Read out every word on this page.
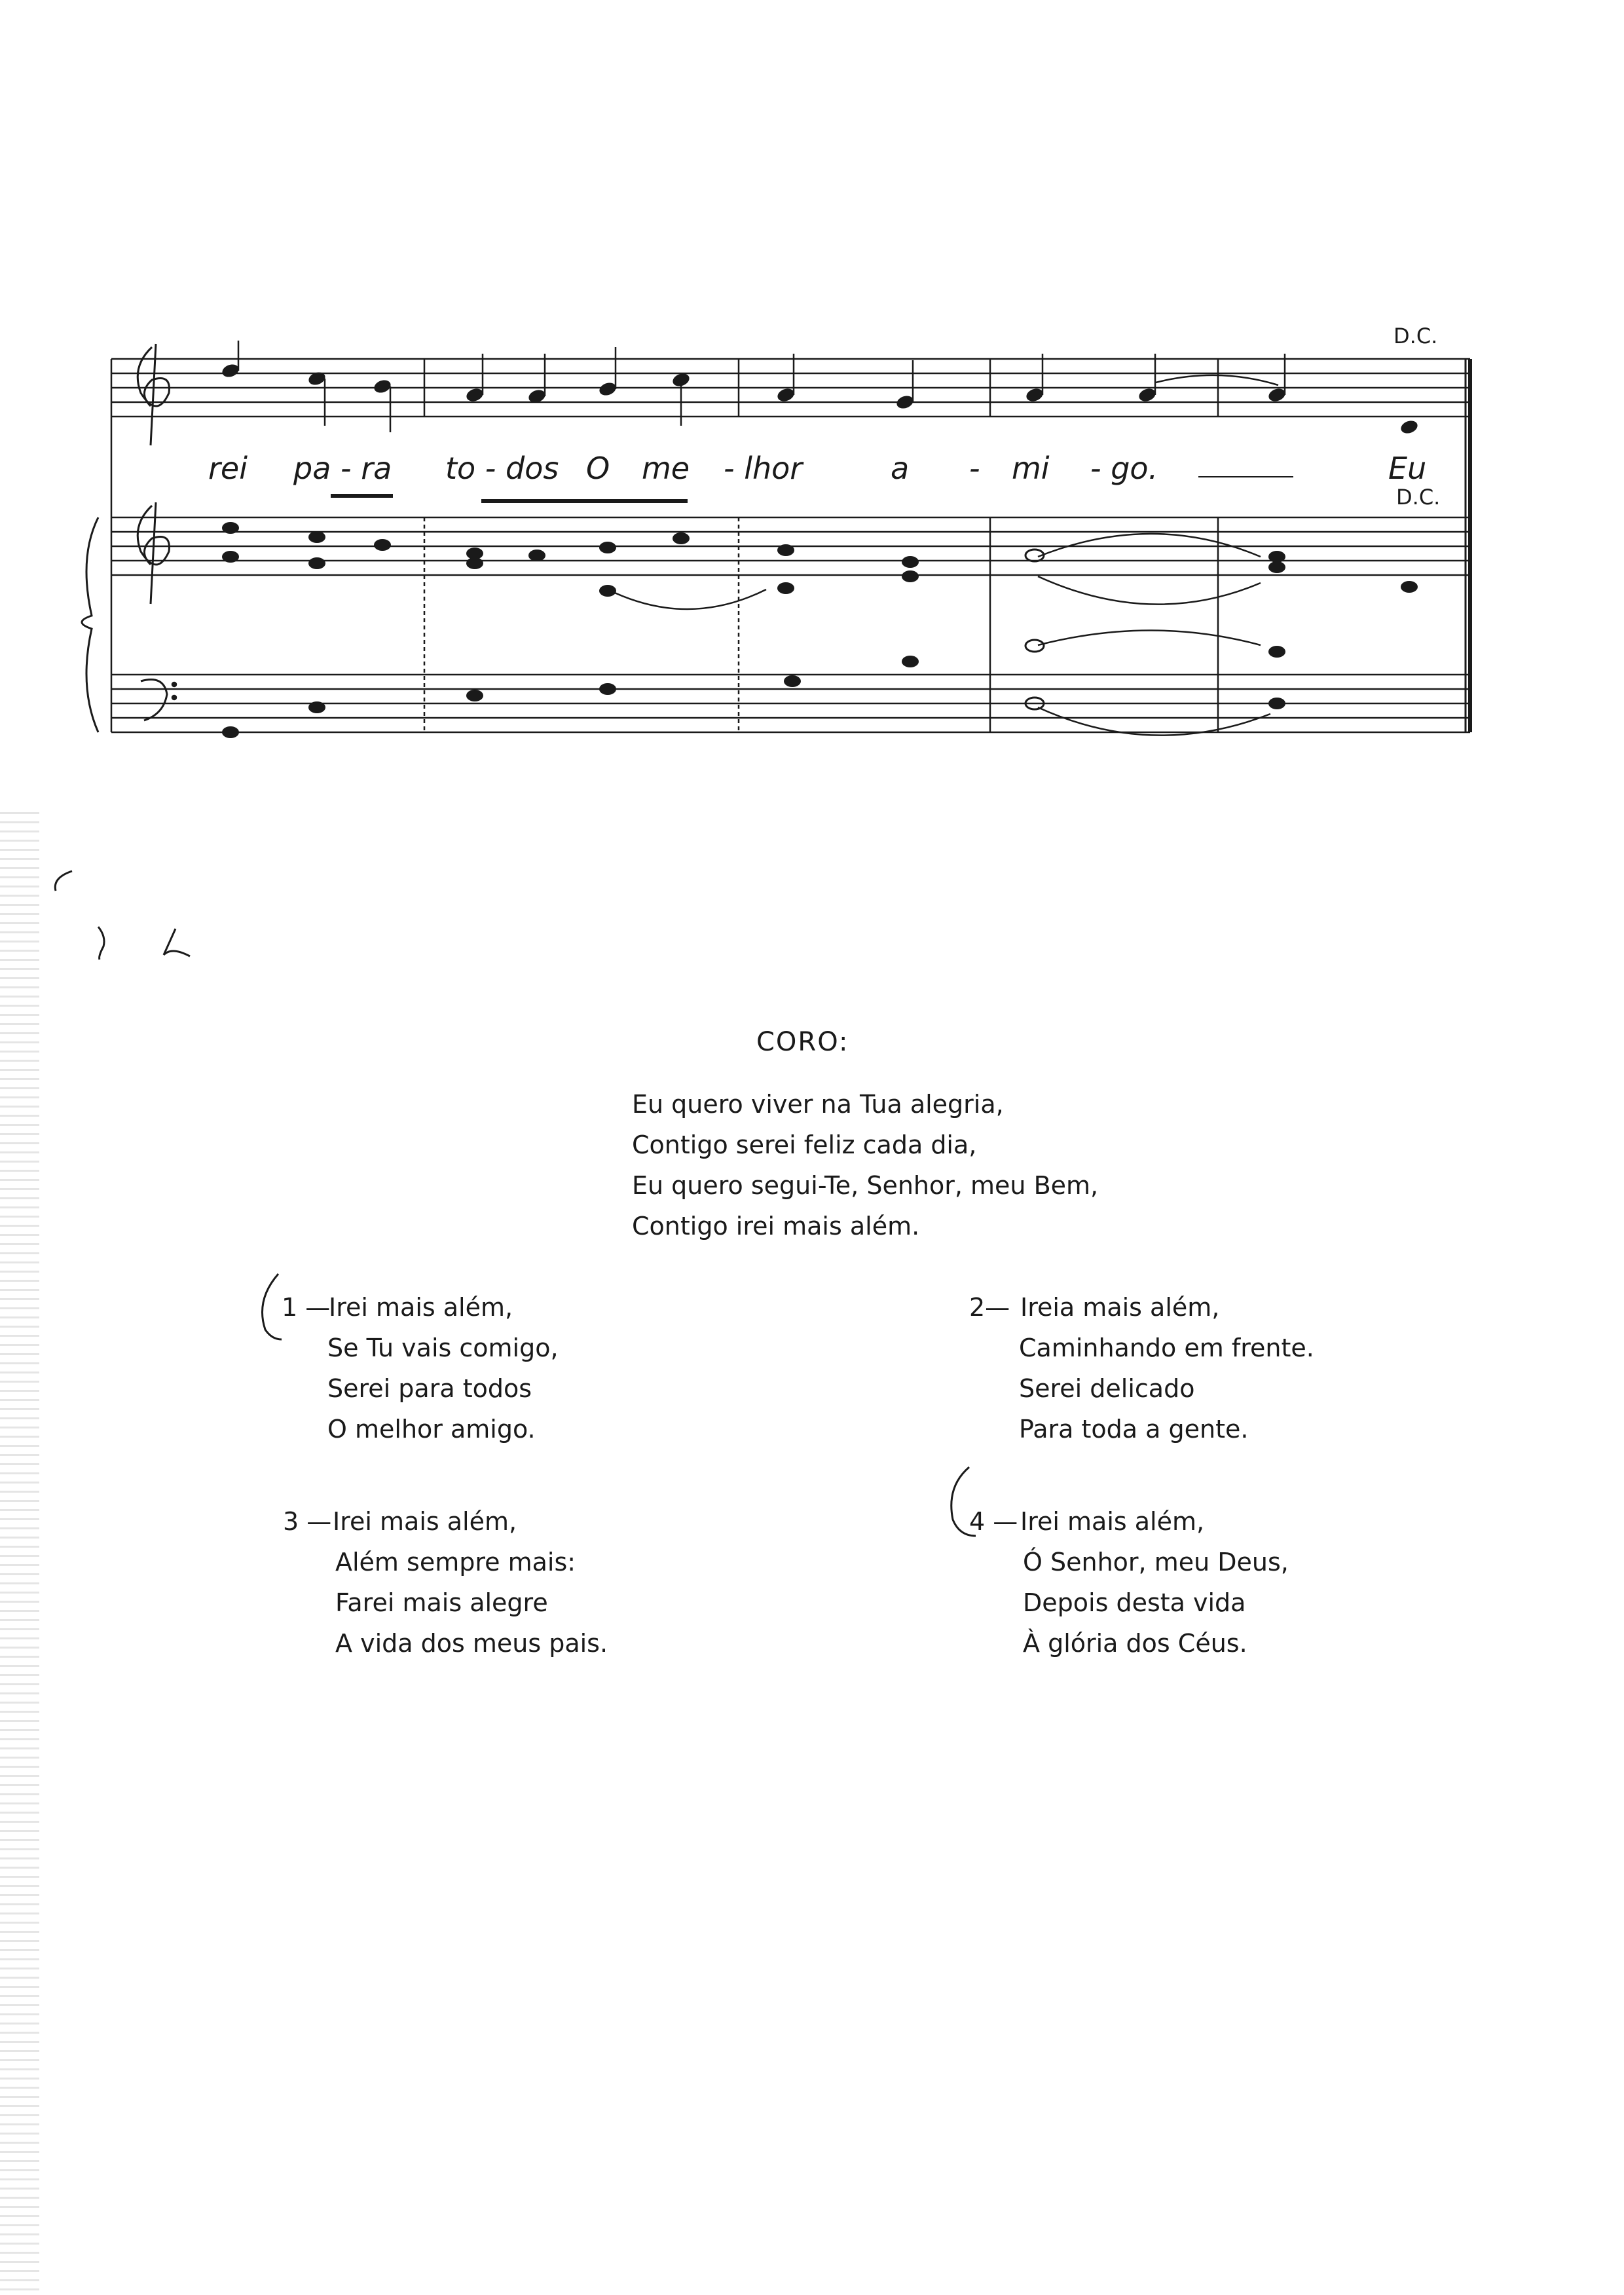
rei pa - ra to - dos O me - lhor	a - mi - go.	Eu
D.C.
D.C.
CORO:
Eu quero viver na Tua alegria,
Contigo serei feliz cada dia,
Eu quero segui-Te, Senhor, meu Bem,
Contigo irei mais além.
1 —
Irei mais além,
Se Tu vais comigo,
Serei para todos
O melhor amigo.
2— Ireia mais além,
Caminhando em frente.
Serei delicado
Para toda a gente.
3 — Irei mais além,
Além sempre mais:
Farei mais alegre
A vida dos meus pais.
4 — Irei mais além,
Ó Senhor, meu Deus,
Depois desta vida
À glória dos Céus.
